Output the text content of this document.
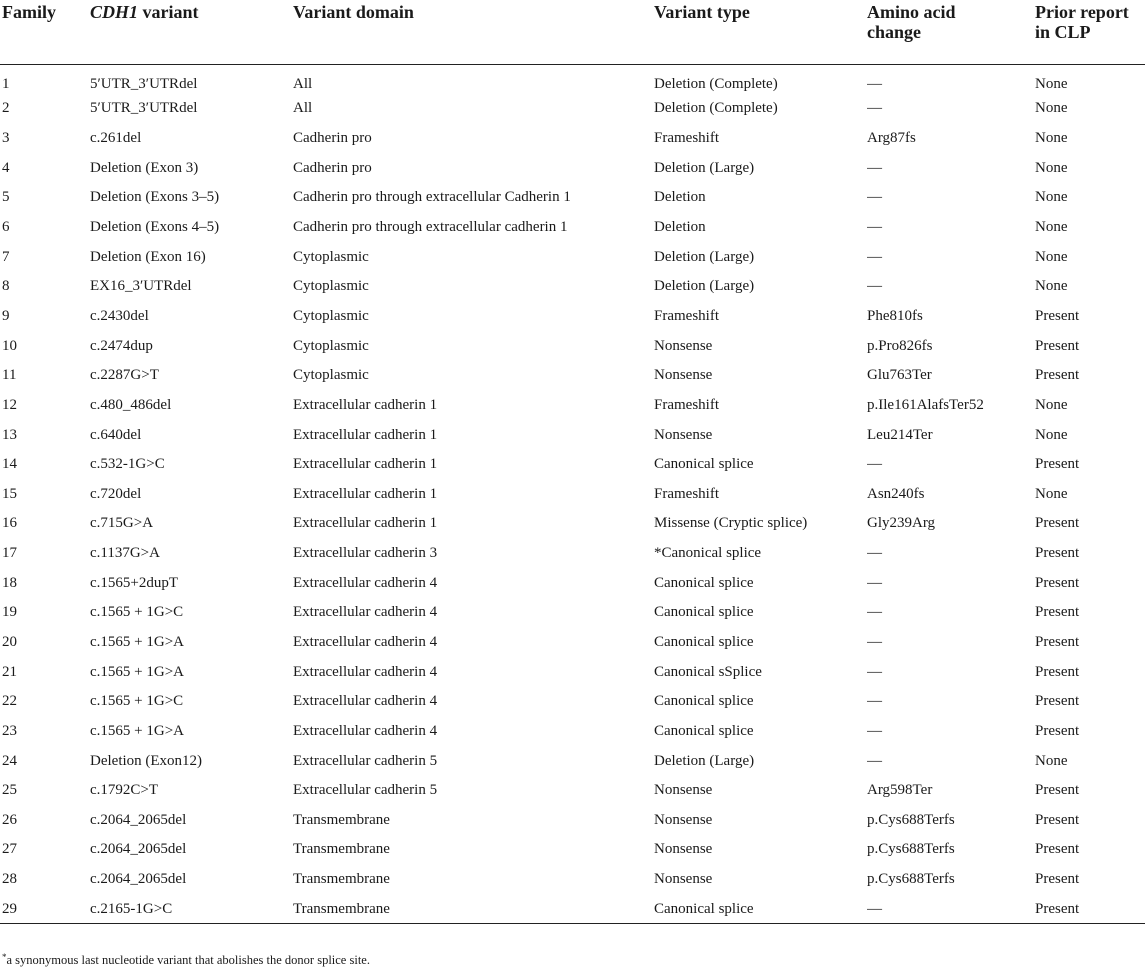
Family	CDH1 variant	Variant domain	Variant type	Amino acid
change	Prior report
in CLP
1	5′UTR_3′UTRdel	All	Deletion (Complete)	—	None
2	5′UTR_3′UTRdel	All	Deletion (Complete)	—	None
3	c.261del	Cadherin pro	Frameshift	Arg87fs	None
4	Deletion (Exon 3)	Cadherin pro	Deletion (Large)	—	None
5	Deletion (Exons 3–5)	Cadherin pro through extracellular Cadherin 1	Deletion	—	None
6	Deletion (Exons 4–5)	Cadherin pro through extracellular cadherin 1	Deletion	—	None
7	Deletion (Exon 16)	Cytoplasmic	Deletion (Large)	—	None
8	EX16_3′UTRdel	Cytoplasmic	Deletion (Large)	—	None
9	c.2430del	Cytoplasmic	Frameshift	Phe810fs	Present
10	c.2474dup	Cytoplasmic	Nonsense	p.Pro826fs	Present
11	c.2287G>T	Cytoplasmic	Nonsense	Glu763Ter	Present
12	c.480_486del	Extracellular cadherin 1	Frameshift	p.Ile161AlafsTer52	None
13	c.640del	Extracellular cadherin 1	Nonsense	Leu214Ter	None
14	c.532-1G>C	Extracellular cadherin 1	Canonical splice	—	Present
15	c.720del	Extracellular cadherin 1	Frameshift	Asn240fs	None
16	c.715G>A	Extracellular cadherin 1	Missense (Cryptic splice)	Gly239Arg	Present
17	c.1137G>A	Extracellular cadherin 3	*Canonical splice	—	Present
18	c.1565+2dupT	Extracellular cadherin 4	Canonical splice	—	Present
19	c.1565 + 1G>C	Extracellular cadherin 4	Canonical splice	—	Present
20	c.1565 + 1G>A	Extracellular cadherin 4	Canonical splice	—	Present
21	c.1565 + 1G>A	Extracellular cadherin 4	Canonical sSplice	—	Present
22	c.1565 + 1G>C	Extracellular cadherin 4	Canonical splice	—	Present
23	c.1565 + 1G>A	Extracellular cadherin 4	Canonical splice	—	Present
24	Deletion (Exon12)	Extracellular cadherin 5	Deletion (Large)	—	None
25	c.1792C>T	Extracellular cadherin 5	Nonsense	Arg598Ter	Present
26	c.2064_2065del	Transmembrane	Nonsense	p.Cys688Terfs	Present
27	c.2064_2065del	Transmembrane	Nonsense	p.Cys688Terfs	Present
28	c.2064_2065del	Transmembrane	Nonsense	p.Cys688Terfs	Present
29	c.2165-1G>C	Transmembrane	Canonical splice	—	Present
*a synonymous last nucleotide variant that abolishes the donor splice site.
